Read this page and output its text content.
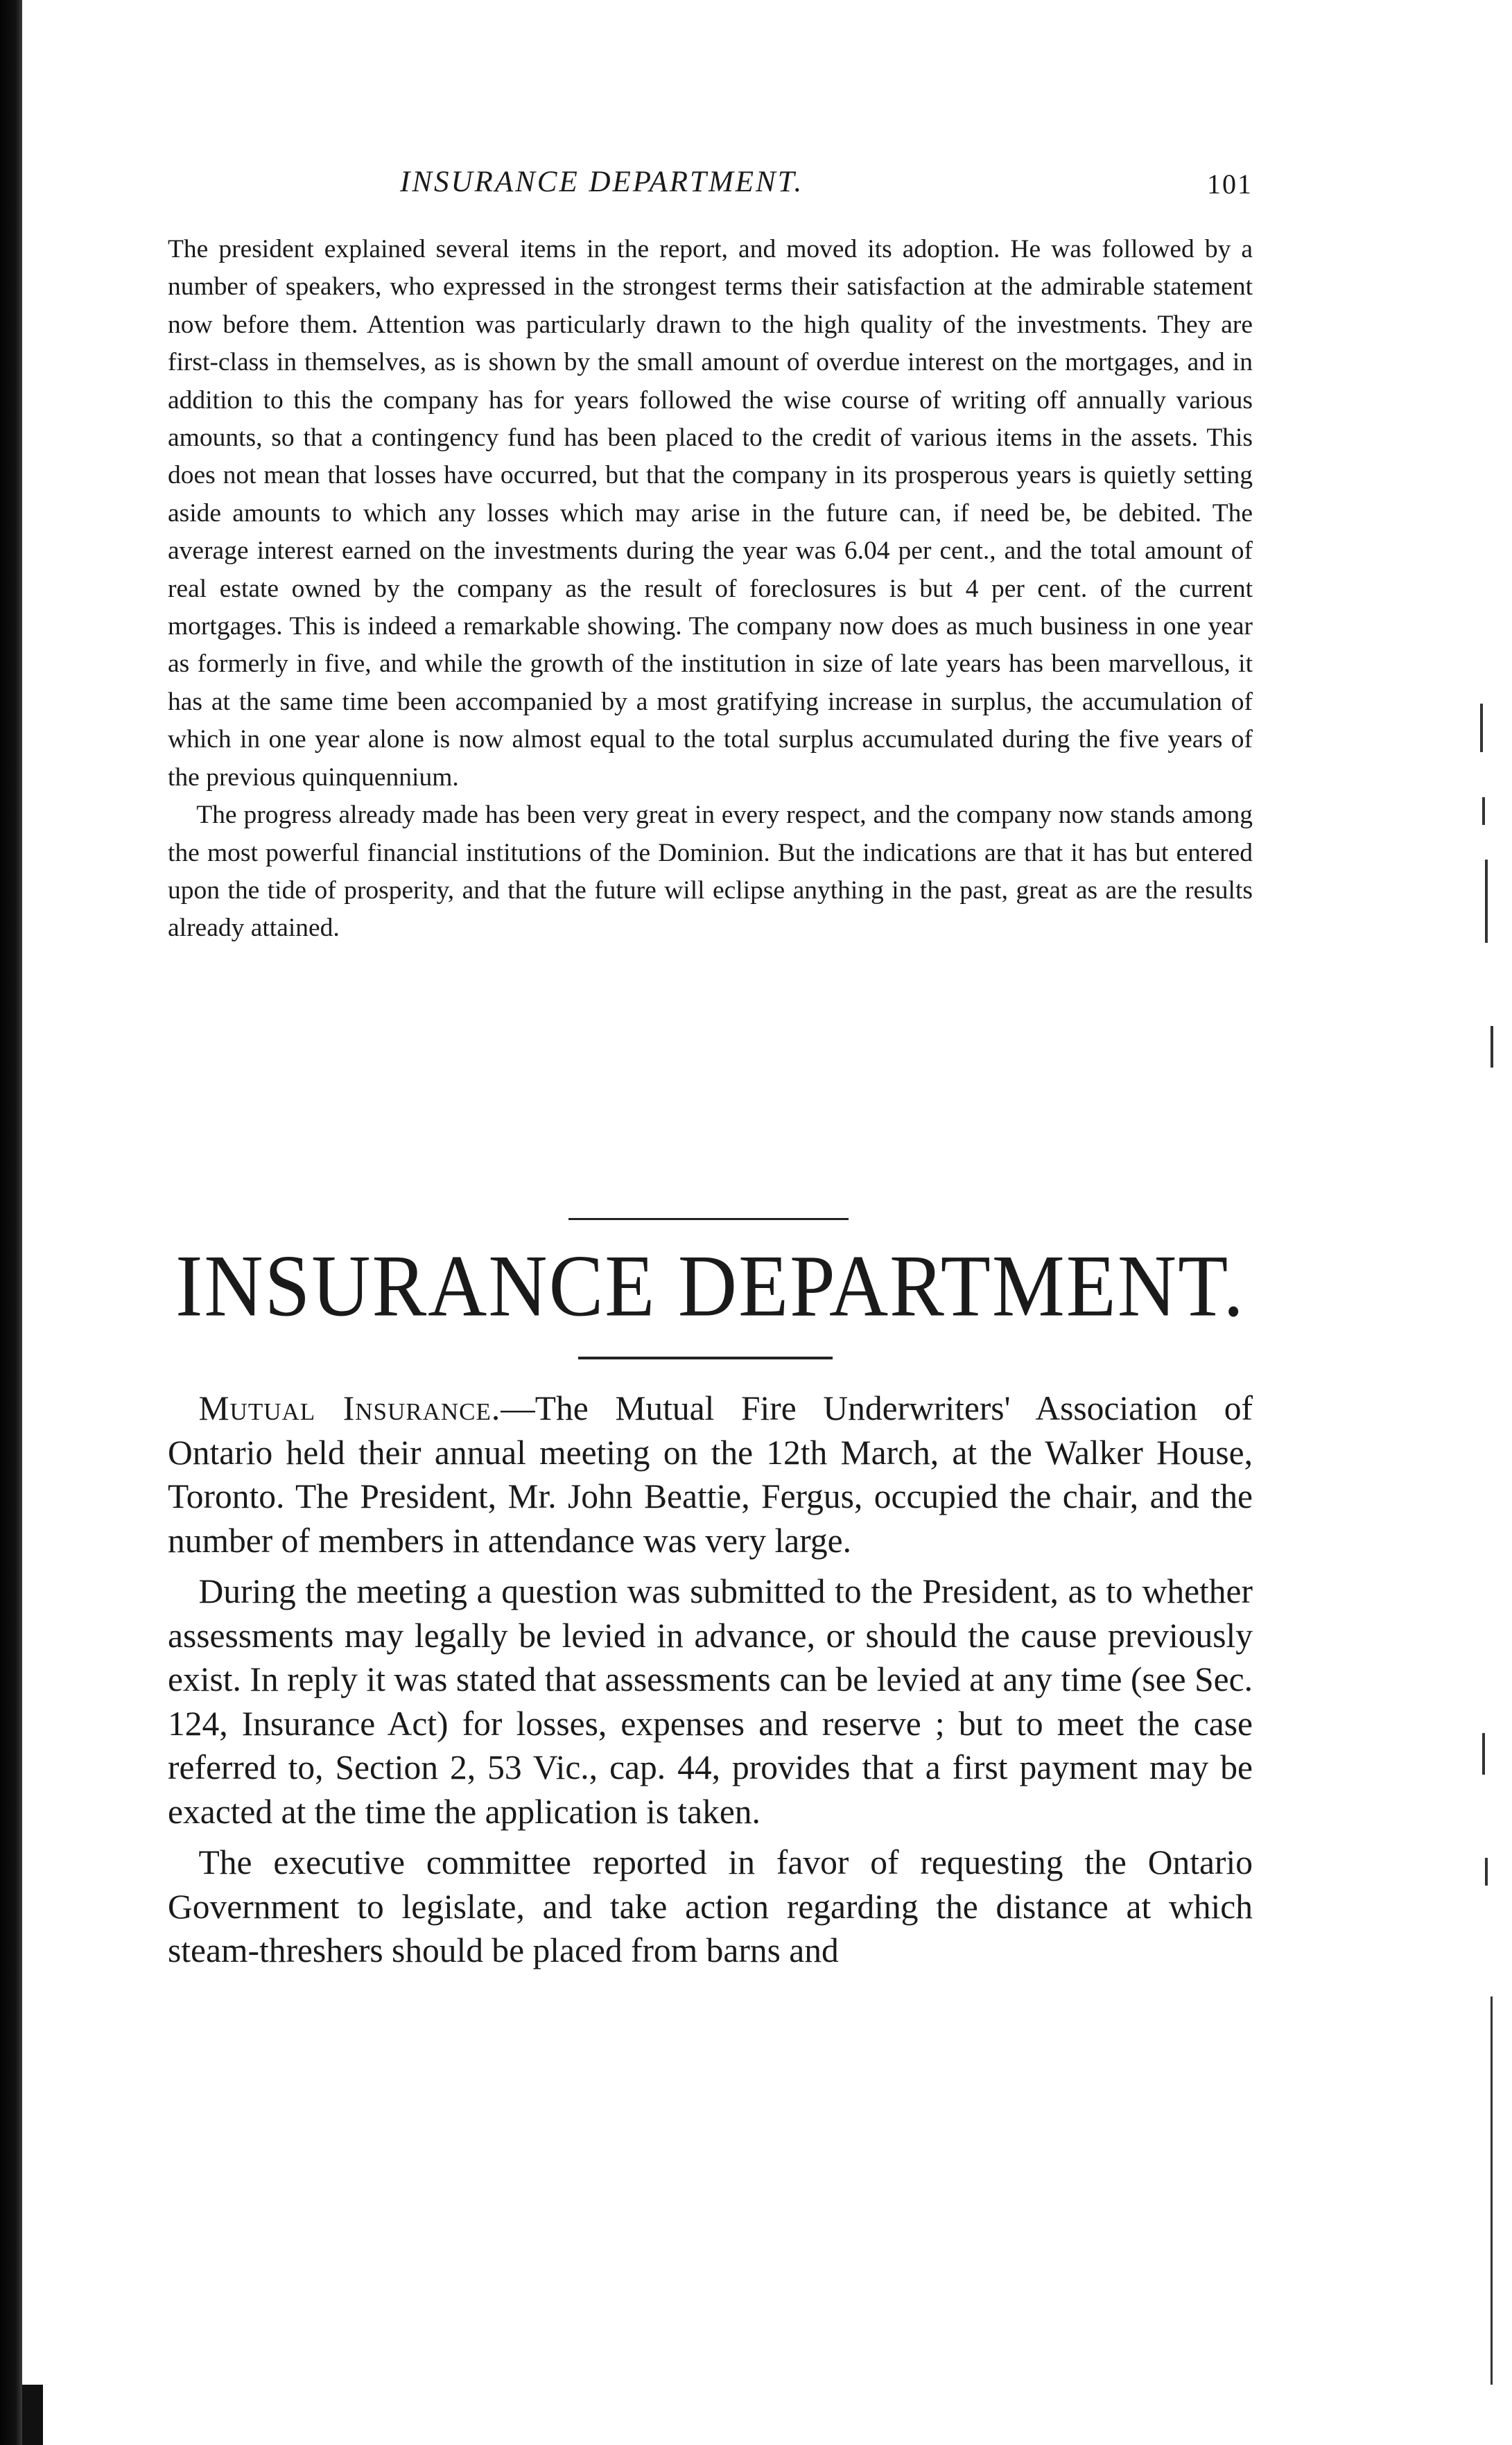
INSURANCE DEPARTMENT.	101

The president explained several items in the report, and moved its adoption. He was followed by a number of speakers, who expressed in the strongest terms their satisfaction at the admirable statement now before them. Attention was particularly drawn to the high quality of the investments. They are first-class in themselves, as is shown by the small amount of overdue interest on the mortgages, and in addition to this the company has for years followed the wise course of writing off annually various amounts, so that a contingency fund has been placed to the credit of various items in the assets. This does not mean that losses have occurred, but that the company in its prosperous years is quietly setting aside amounts to which any losses which may arise in the future can, if need be, be debited. The average interest earned on the investments during the year was 6.04 per cent., and the total amount of real estate owned by the company as the result of foreclosures is but 4 per cent. of the current mortgages. This is indeed a remarkable showing. The company now does as much business in one year as formerly in five, and while the growth of the institution in size of late years has been marvellous, it has at the same time been accompanied by a most gratifying increase in surplus, the accumulation of which in one year alone is now almost equal to the total surplus accumulated during the five years of the previous quinquennium.

The progress already made has been very great in every respect, and the company now stands among the most powerful financial institutions of the Dominion. But the indications are that it has but entered upon the tide of prosperity, and that the future will eclipse anything in the past, great as are the results already attained.

INSURANCE DEPARTMENT.

Mutual Insurance.—The Mutual Fire Underwriters' Association of Ontario held their annual meeting on the 12th March, at the Walker House, Toronto. The President, Mr. John Beattie, Fergus, occupied the chair, and the number of members in attendance was very large.

During the meeting a question was submitted to the President, as to whether assessments may legally be levied in advance, or should the cause previously exist. In reply it was stated that assessments can be levied at any time (see Sec. 124, Insurance Act) for losses, expenses and reserve ; but to meet the case referred to, Section 2, 53 Vic., cap. 44, provides that a first payment may be exacted at the time the application is taken.

The executive committee reported in favor of requesting the Ontario Government to legislate, and take action regarding the distance at which steam-threshers should be placed from barns and
